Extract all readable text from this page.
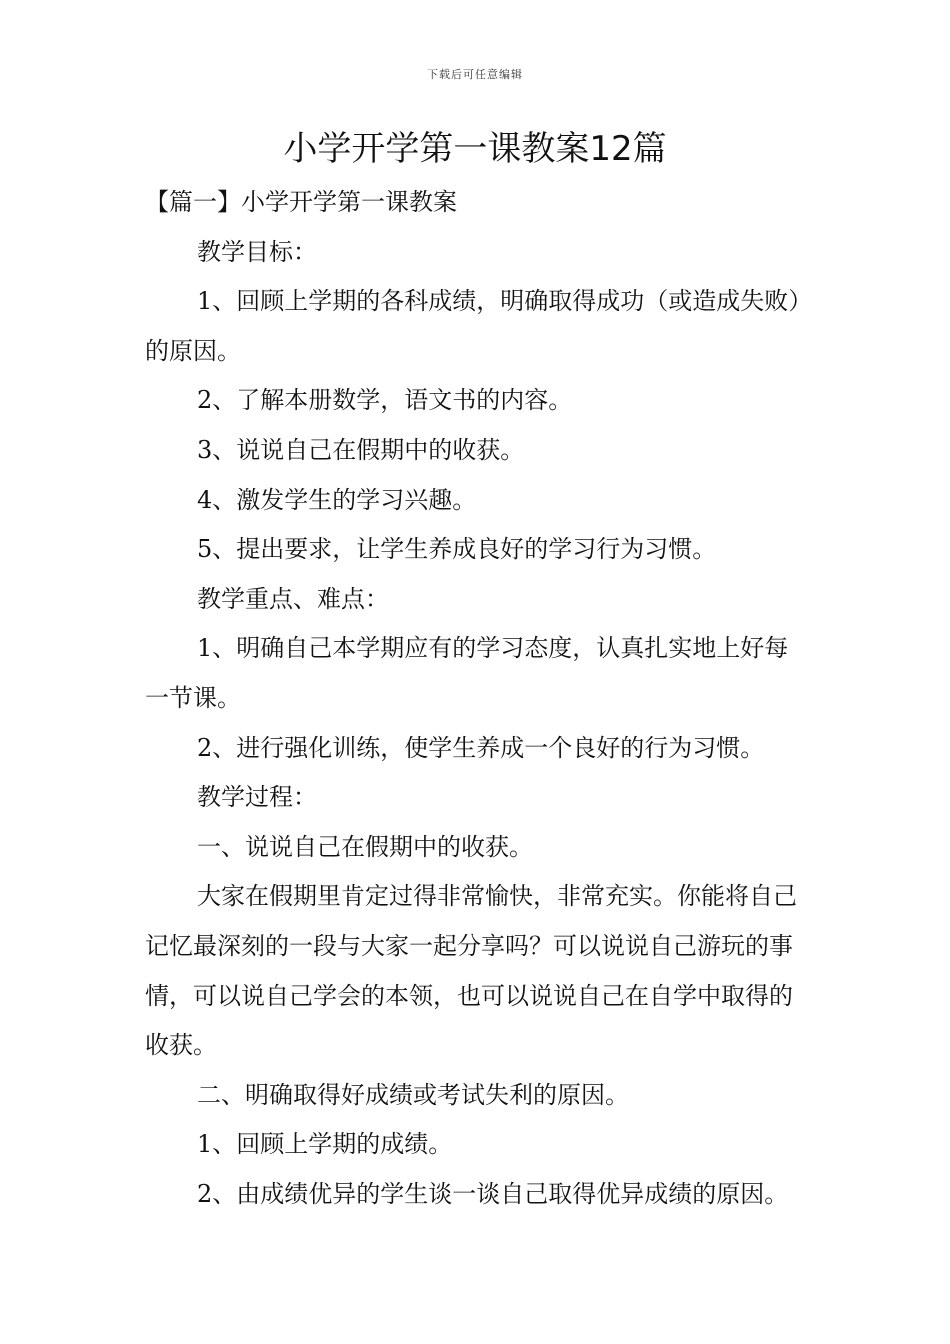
下载后可任意编辑
小学开学第一课教案12篇

【篇一】小学开学第一课教案

教学目标：

1、回顾上学期的各科成绩，明确取得成功（或造成失败）的原因。

2、了解本册数学，语文书的内容。

3、说说自己在假期中的收获。

4、激发学生的学习兴趣。

5、提出要求，让学生养成良好的学习行为习惯。

教学重点、难点：

1、明确自己本学期应有的学习态度，认真扎实地上好每一节课。

2、进行强化训练，使学生养成一个良好的行为习惯。

教学过程：

一、说说自己在假期中的收获。

大家在假期里肯定过得非常愉快，非常充实。你能将自己记忆最深刻的一段与大家一起分享吗？可以说说自己游玩的事情，可以说自己学会的本领，也可以说说自己在自学中取得的收获。

二、明确取得好成绩或考试失利的原因。

1、回顾上学期的成绩。

2、由成绩优异的学生谈一谈自己取得优异成绩的原因。
